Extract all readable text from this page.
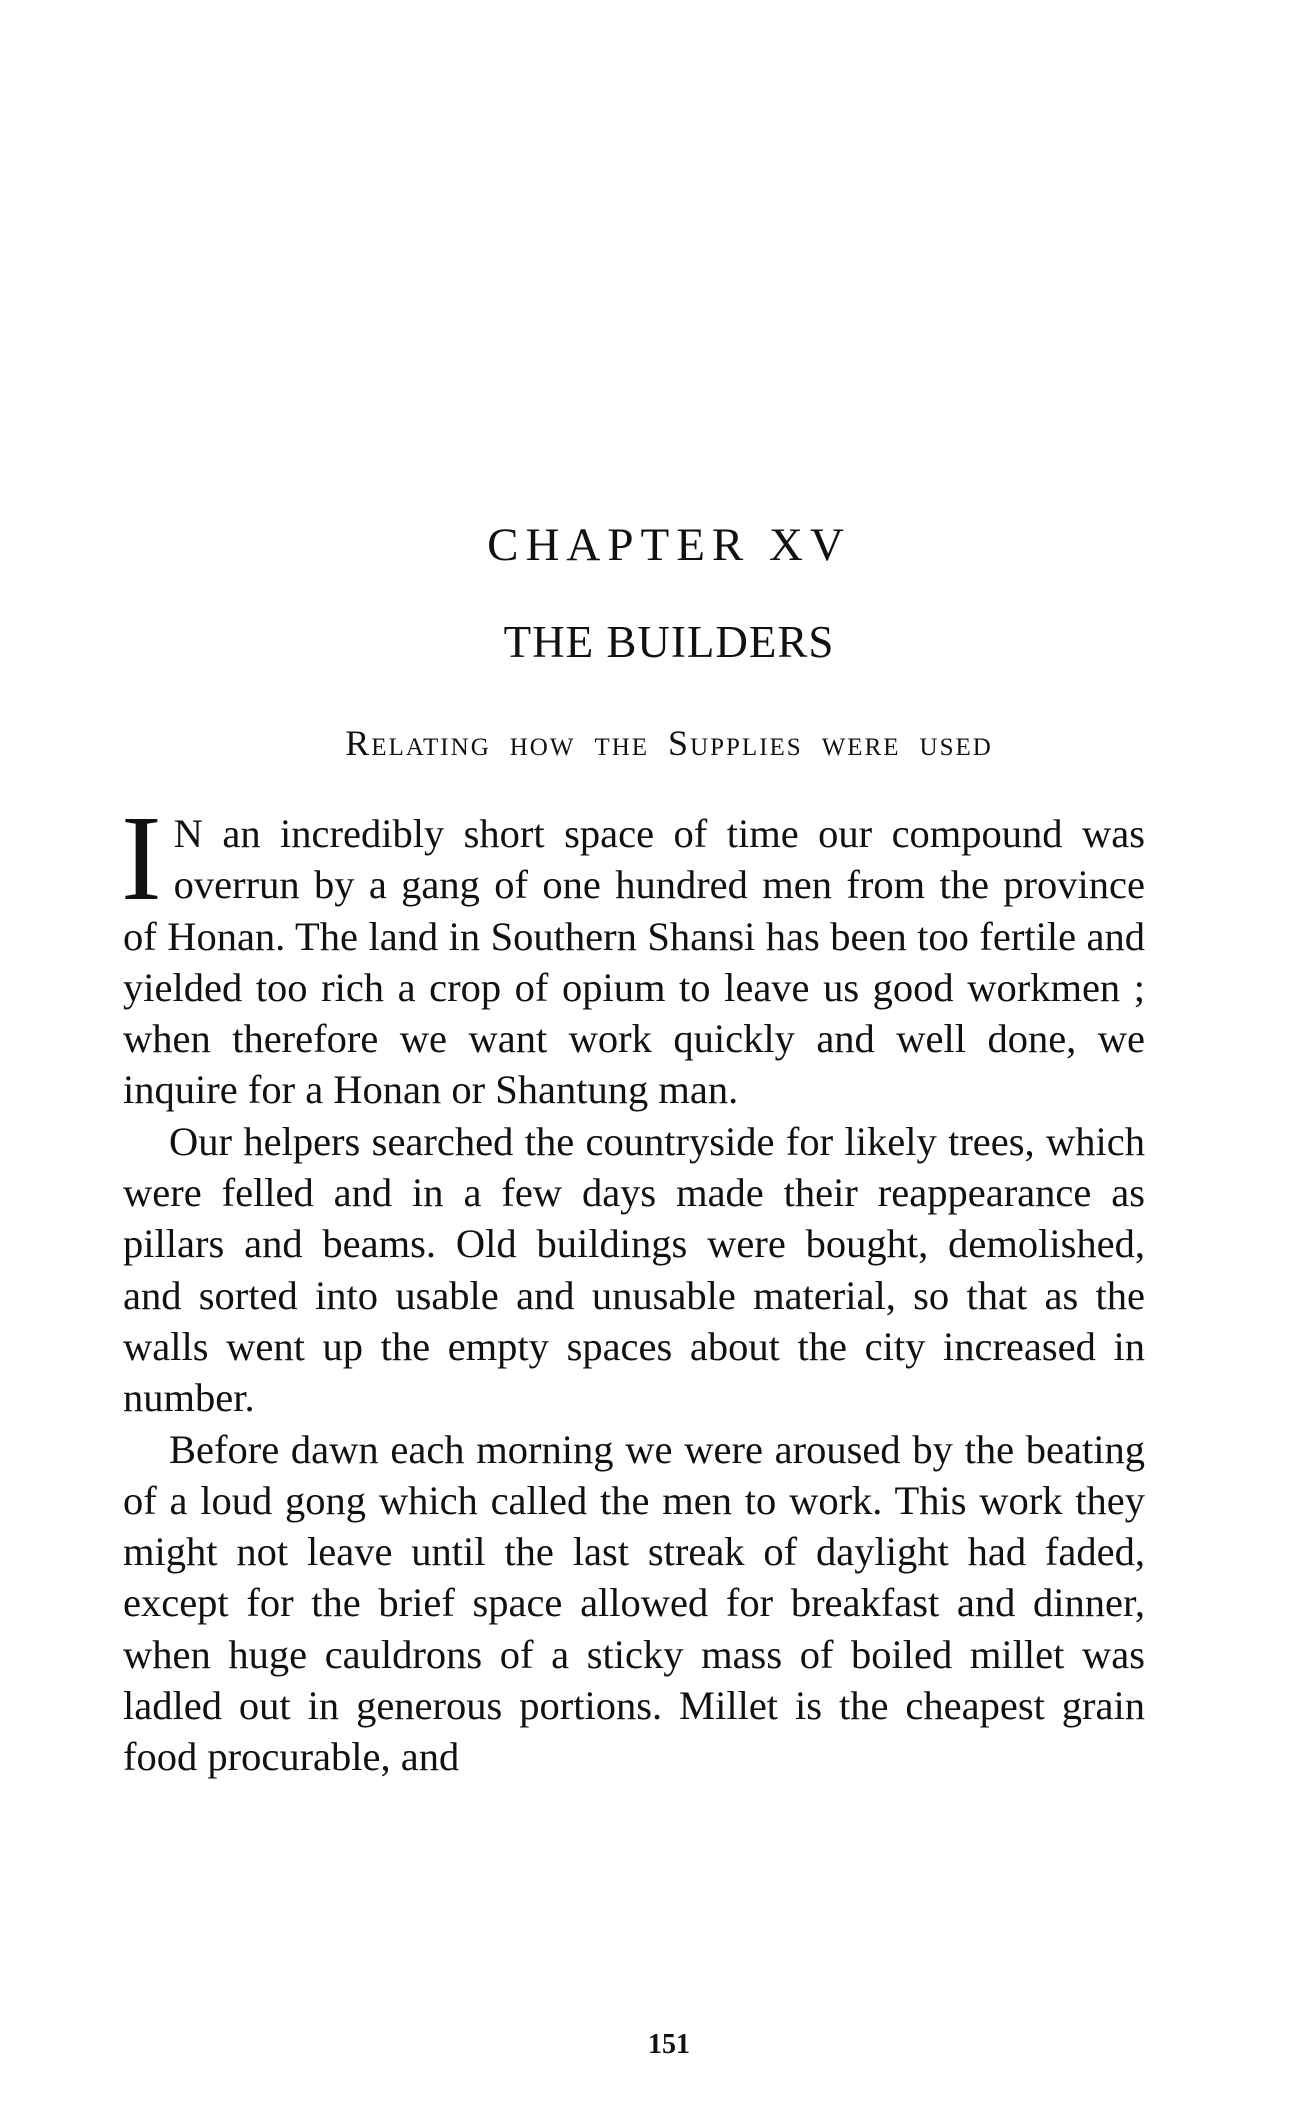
CHAPTER XV
THE BUILDERS
Relating how the Supplies were used

I N an incredibly short space of time our compound was overrun by a gang of one hundred men from the province of Honan. The land in Southern Shansi has been too fertile and yielded too rich a crop of opium to leave us good workmen ; when therefore we want work quickly and well done, we inquire for a Honan or Shantung man.

Our helpers searched the countryside for likely trees, which were felled and in a few days made their reappearance as pillars and beams. Old buildings were bought, demolished, and sorted into usable and unusable material, so that as the walls went up the empty spaces about the city increased in number.

Before dawn each morning we were aroused by the beating of a loud gong which called the men to work. This work they might not leave until the last streak of daylight had faded, except for the brief space allowed for breakfast and dinner, when huge cauldrons of a sticky mass of boiled millet was ladled out in generous portions. Millet is the cheapest grain food procurable, and

151
